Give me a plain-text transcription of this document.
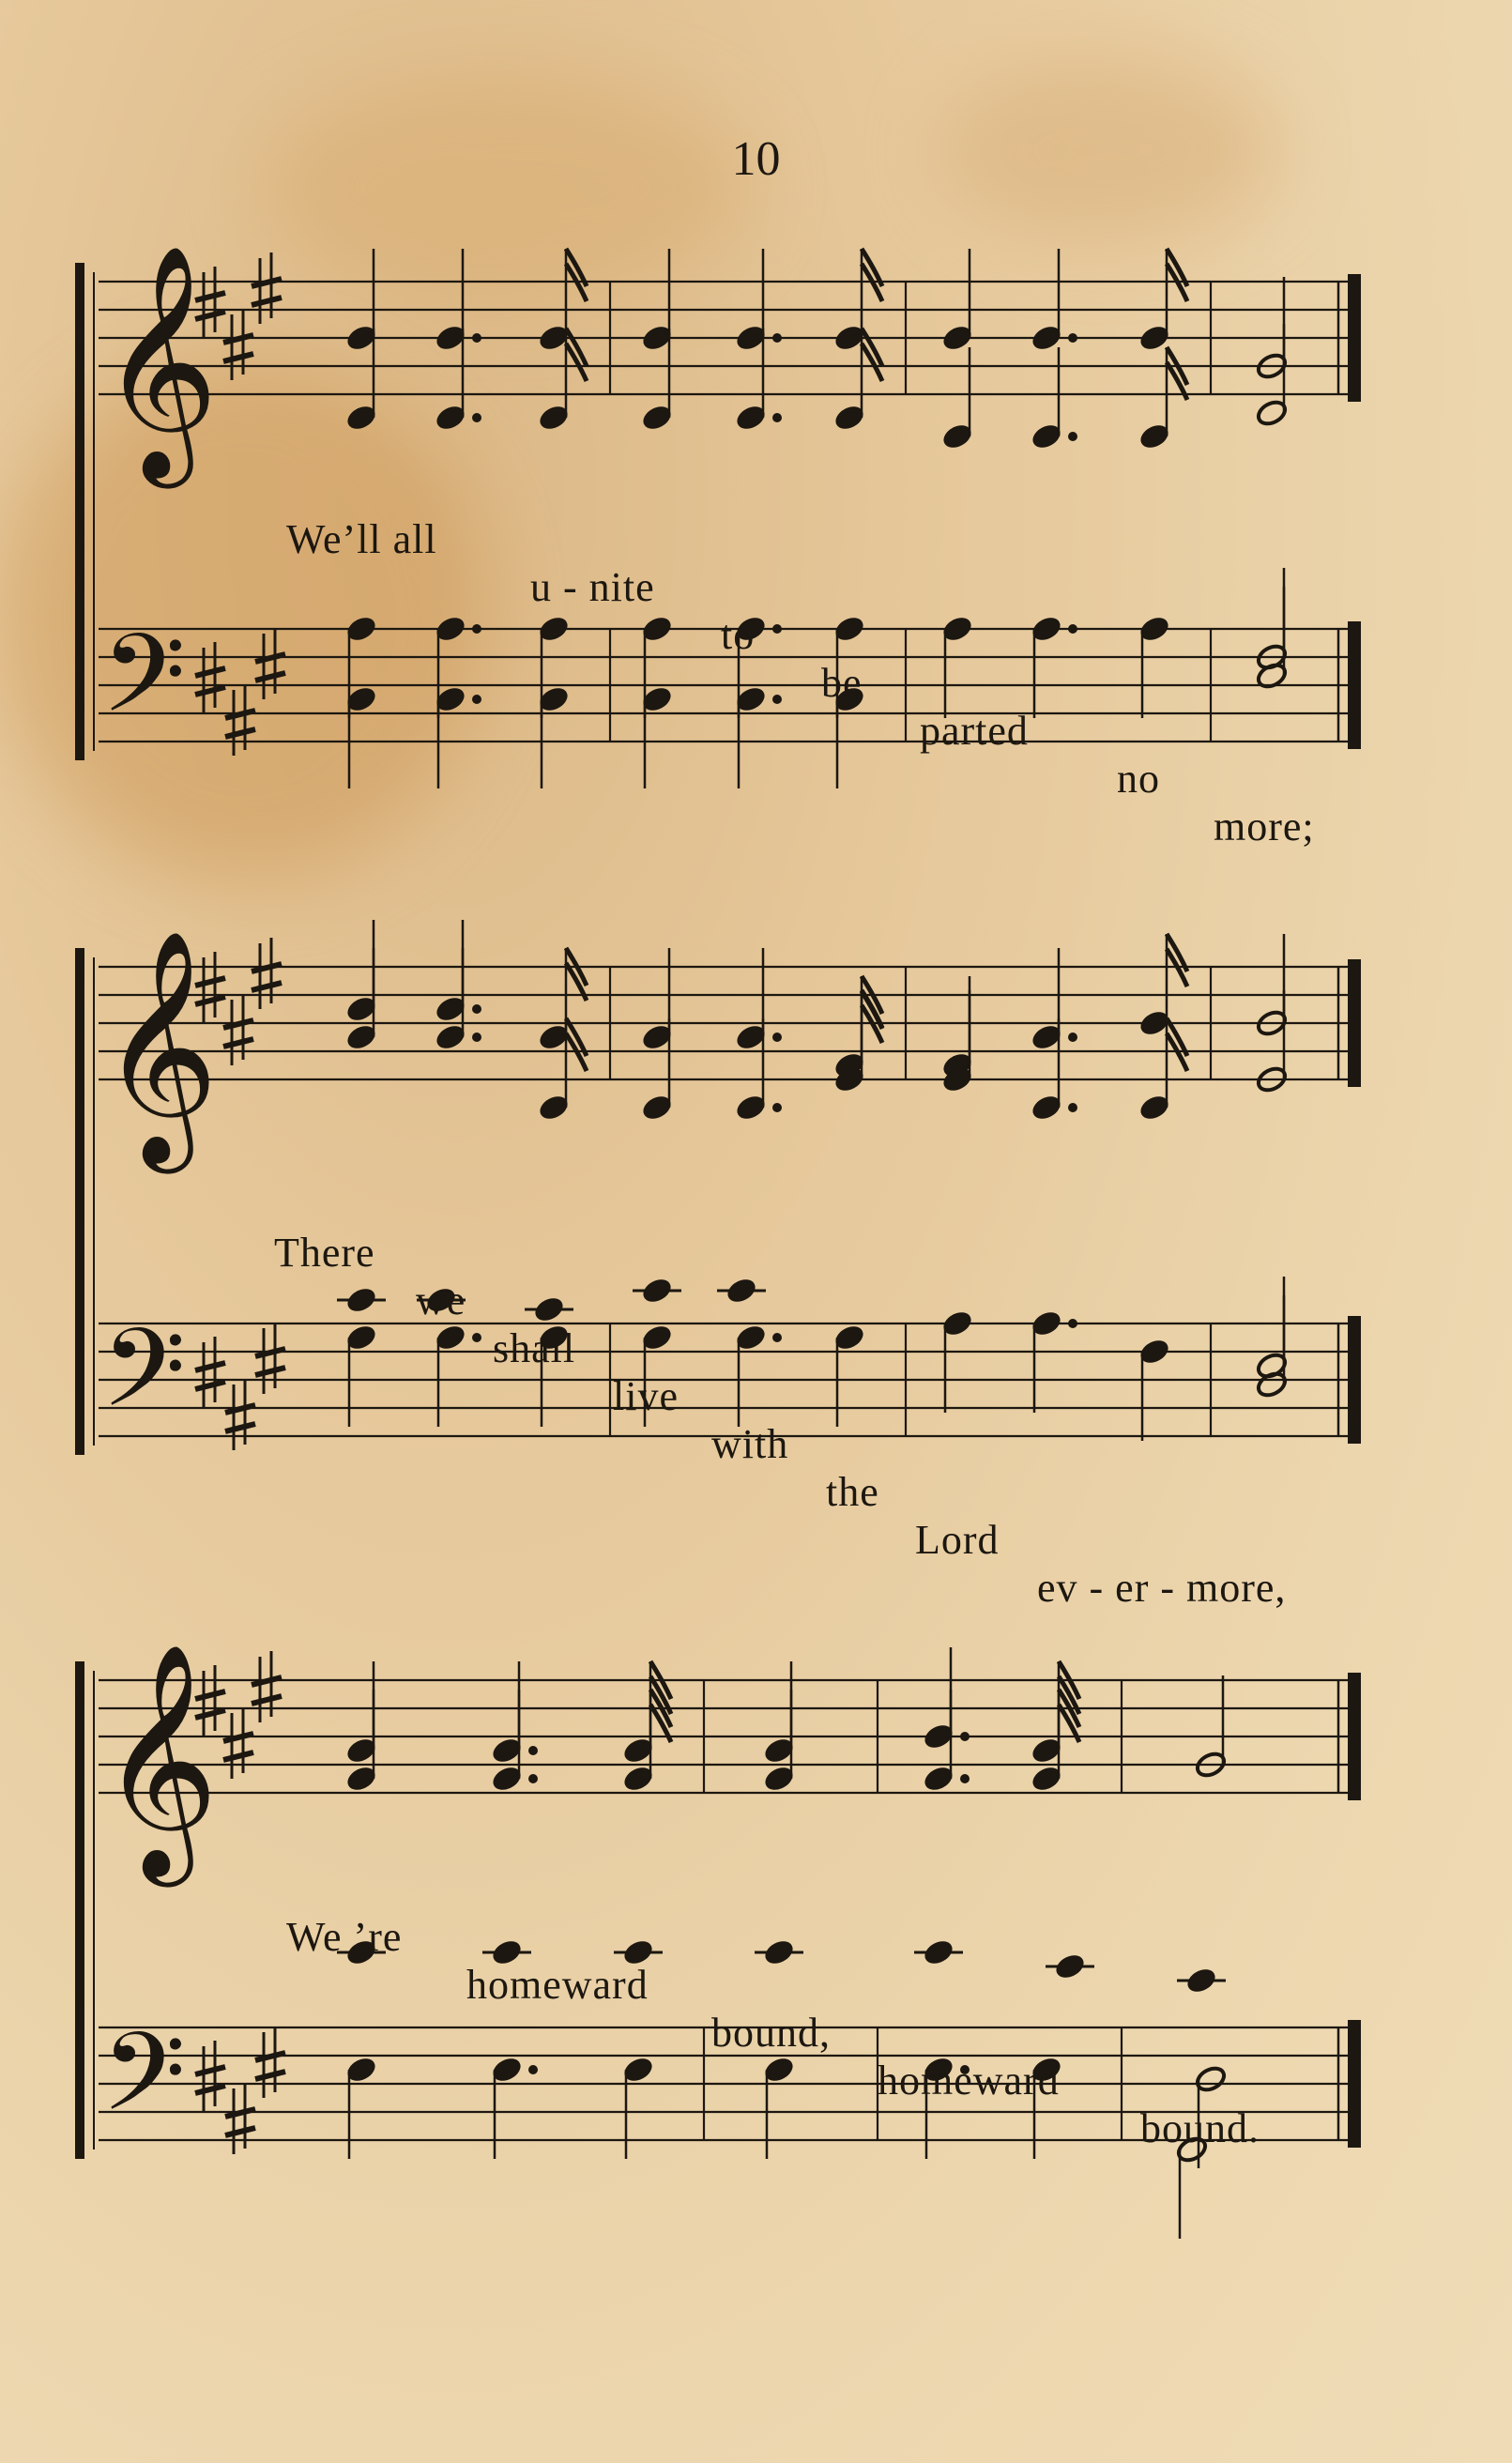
10
𝄞
𝄢
𝄞
𝄢
𝄞
𝄢

We’ll all

u - nite

to

be

parted

no

more;

There

we

shall

live

with

the

Lord

ev - er - more,

We ’re

homeward

bound,

homeward

bound.
